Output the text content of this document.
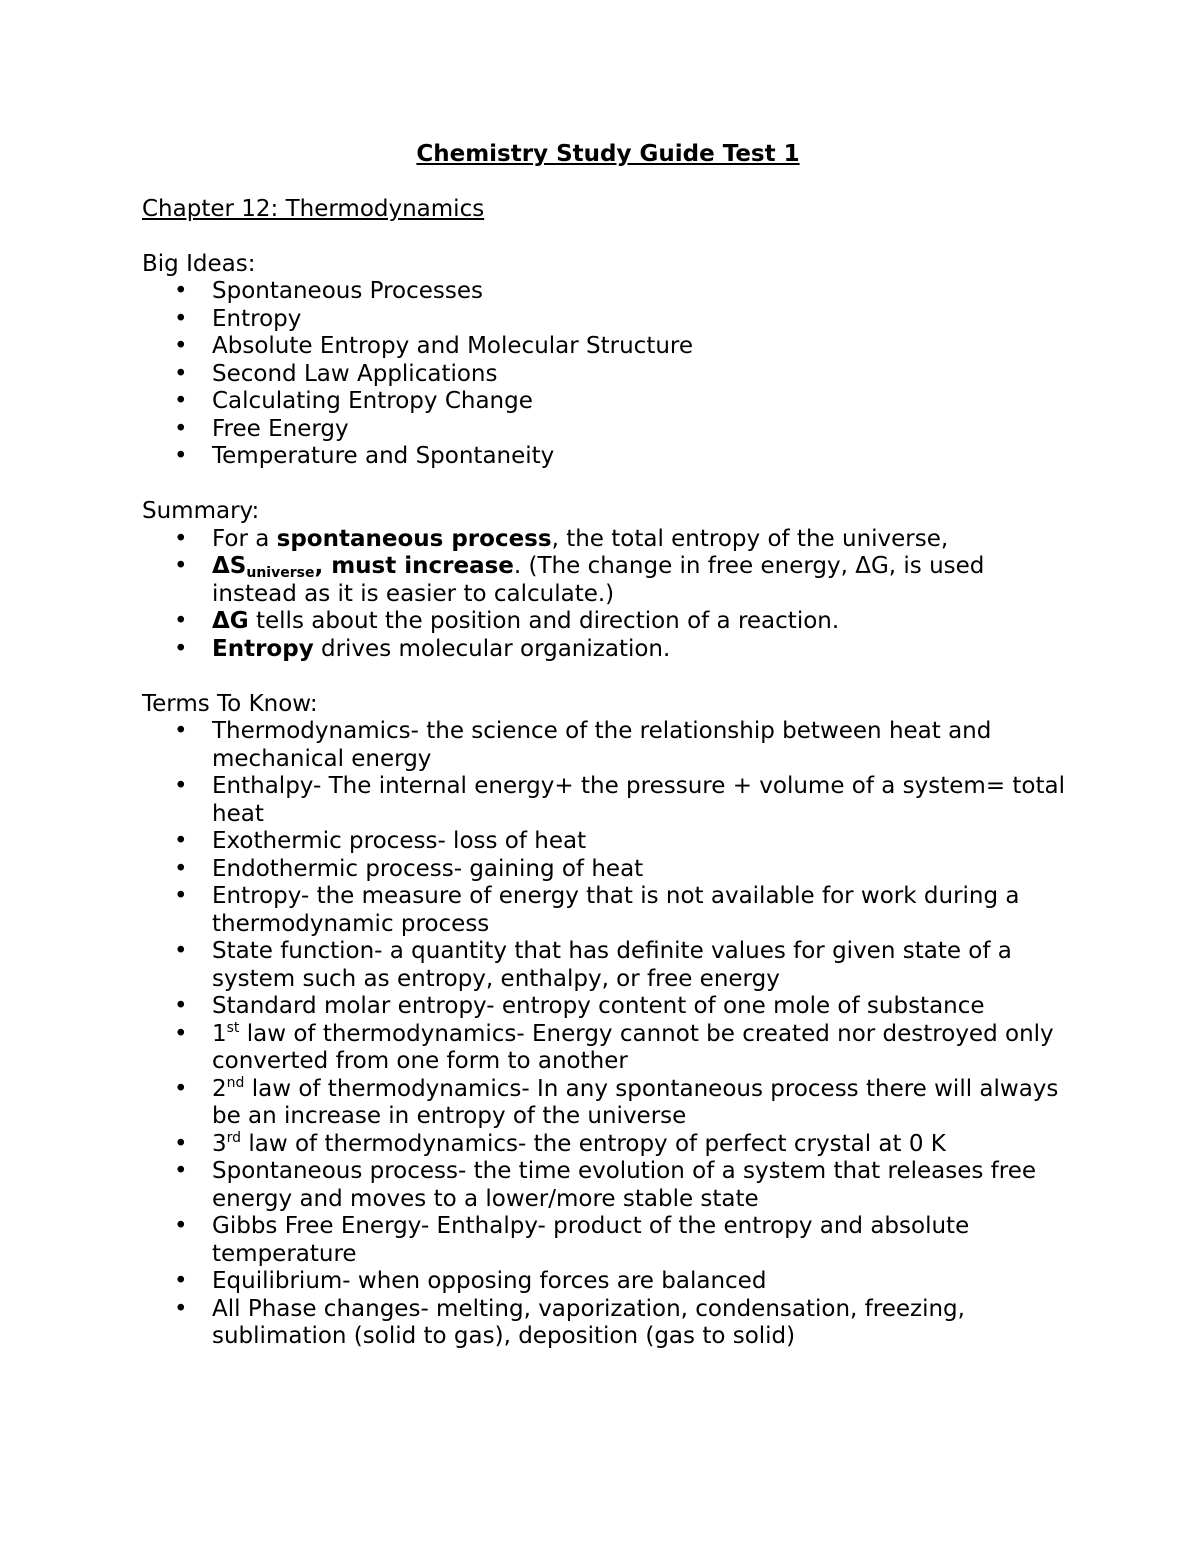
Chemistry Study Guide Test 1
Chapter 12: Thermodynamics
Big Ideas:
• Spontaneous Processes
• Entropy
• Absolute Entropy and Molecular Structure
• Second Law Applications
• Calculating Entropy Change
• Free Energy
• Temperature and Spontaneity
Summary:
• For a spontaneous process, the total entropy of the universe,
• $\Delta S_{universe}$, must increase. (The change in free energy, ΔG, is used instead as it is easier to calculate.)
• ΔG tells about the position and direction of a reaction.
• Entropy drives molecular organization.
Terms To Know:
• Thermodynamics- the science of the relationship between heat and mechanical energy
• Enthalpy- The internal energy+ the pressure + volume of a system= total heat
• Exothermic process- loss of heat
• Endothermic process- gaining of heat
• Entropy- the measure of energy that is not available for work during a thermodynamic process
• State function- a quantity that has definite values for given state of a system such as entropy, enthalpy, or free energy
• Standard molar entropy- entropy content of one mole of substance
• 1st law of thermodynamics- Energy cannot be created nor destroyed only converted from one form to another
• 2nd law of thermodynamics- In any spontaneous process there will always be an increase in entropy of the universe
• 3rd law of thermodynamics- the entropy of perfect crystal at 0 K
• Spontaneous process- the time evolution of a system that releases free energy and moves to a lower/more stable state
• Gibbs Free Energy- Enthalpy- product of the entropy and absolute temperature
• Equilibrium- when opposing forces are balanced
• All Phase changes- melting, vaporization, condensation, freezing, sublimation (solid to gas), deposition (gas to solid)
